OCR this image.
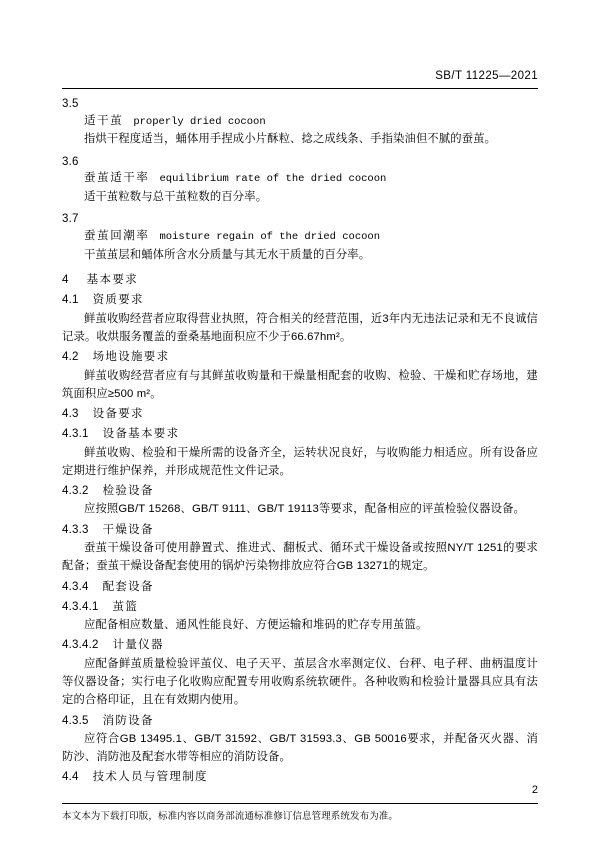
SB/T 11225—2021

3.5

适干茧 properly dried cocoon

指烘干程度适当，蛹体用手捏成小片酥粒、捻之成线条、手指染油但不腻的蚕茧。

3.6

蚕茧适干率 equilibrium rate of the dried cocoon

适干茧粒数与总干茧粒数的百分率。

3.7

蚕茧回潮率 moisture regain of the dried cocoon

干茧茧层和蛹体所含水分质量与其无水干质量的百分率。

4 基本要求

4.1 资质要求

鲜茧收购经营者应取得营业执照，符合相关的经营范围，近3年内无违法记录和无不良诚信记录。收烘服务覆盖的蚕桑基地面积应不少于66.67hm²。

4.2 场地设施要求

鲜茧收购经营者应有与其鲜茧收购量和干燥量相配套的收购、检验、干燥和贮存场地，建筑面积应≥500 m²。

4.3 设备要求

4.3.1 设备基本要求

鲜茧收购、检验和干燥所需的设备齐全，运转状况良好，与收购能力相适应。所有设备应定期进行维护保养，并形成规范性文件记录。

4.3.2 检验设备

应按照GB/T 15268、GB/T 9111、GB/T 19113等要求，配备相应的评茧检验仪器设备。

4.3.3 干燥设备

蚕茧干燥设备可使用静置式、推进式、翻板式、循环式干燥设备或按照NY/T 1251的要求配备；蚕茧干燥设备配套使用的锅炉污染物排放应符合GB 13271的规定。

4.3.4 配套设备

4.3.4.1 茧篮

应配备相应数量、通风性能良好、方便运输和堆码的贮存专用茧篮。

4.3.4.2 计量仪器

应配备鲜茧质量检验评茧仪、电子天平、茧层含水率测定仪、台秤、电子秤、曲柄温度计等仪器设备；实行电子化收购应配置专用收购系统软硬件。各种收购和检验计量器具应具有法定的合格印证，且在有效期内使用。

4.3.5 消防设备

应符合GB 13495.1、GB/T 31592、GB/T 31593.3、GB 50016要求，并配备灭火器、消防沙、消防池及配套水带等相应的消防设备。

4.4 技术人员与管理制度

2
本文本为下载打印版，标准内容以商务部流通标准修订信息管理系统发布为准。
